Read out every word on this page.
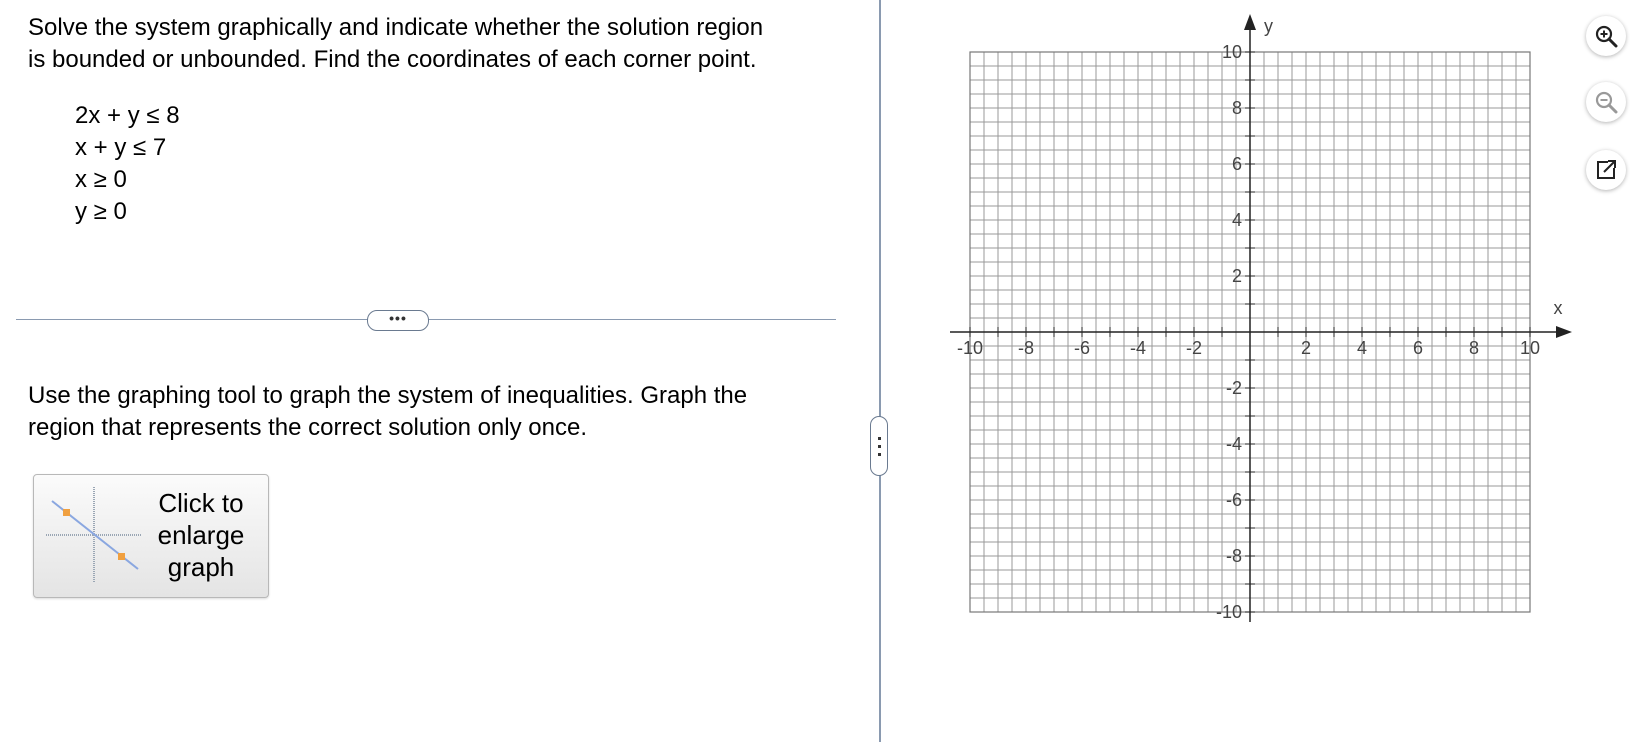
Solve the system graphically and indicate whether the solution region
is bounded or unbounded. Find the coordinates of each corner point.
2x + y ≤ 8
x + y ≤ 7
x ≥ 0
y ≥ 0
•••
Use the graphing tool to graph the system of inequalities. Graph the
region that represents the correct solution only once.
Click to
enlarge
graph
-10 -8 -6 -4 -2	2	4	6	8 10
10
8
6
4
2
-2
-4
-6
-8
-10
x
y
